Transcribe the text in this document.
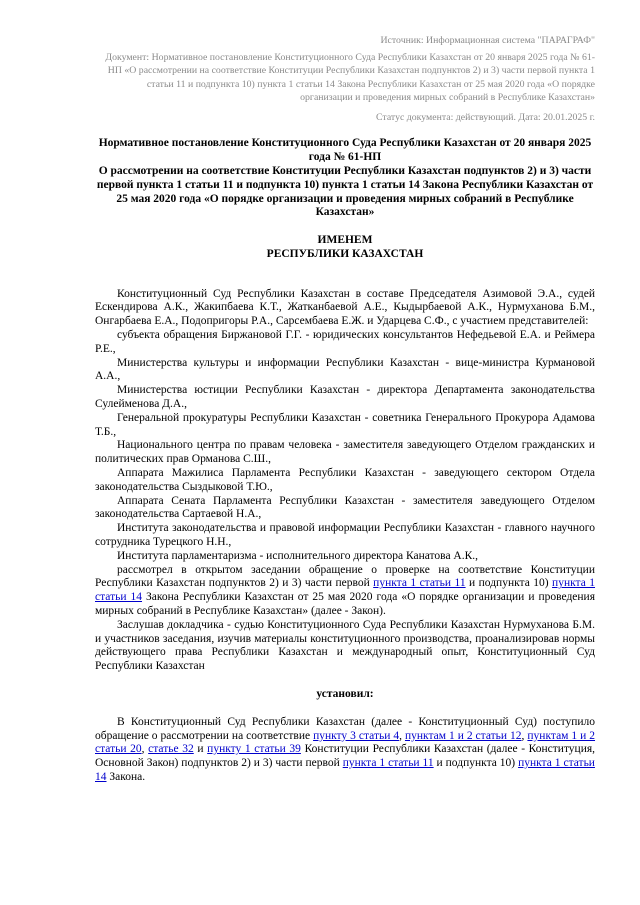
Источник: Информационная система "ПАРАГРАФ"

Документ: Нормативное постановление Конституционного Суда Республики Казахстан от 20 января 2025 года № 61-НП «О рассмотрении на соответствие Конституции Республики Казахстан подпунктов 2) и 3) части первой пункта 1 статьи 11 и подпункта 10) пункта 1 статьи 14 Закона Республики Казахстан от 25 мая 2020 года «О порядке организации и проведения мирных собраний в Республике Казахстан»

Статус документа: действующий. Дата: 20.01.2025 г.

Нормативное постановление Конституционного Суда Республики Казахстан от 20 января 2025 года № 61-НП

О рассмотрении на соответствие Конституции Республики Казахстан подпунктов 2) и 3) части первой пункта 1 статьи 11 и подпункта 10) пункта 1 статьи 14 Закона Республики Казахстан от 25 мая 2020 года «О порядке организации и проведения мирных собраний в Республике Казахстан»

ИМЕНЕМ

РЕСПУБЛИКИ КАЗАХСТАН

Конституционный Суд Республики Казахстан в составе Председателя Азимовой Э.А., судей Ескендирова А.К., Жакипбаева К.Т., Жатканбаевой А.Е., Кыдырбаевой А.К., Нурмуханова Б.М., Онгарбаева Е.А., Подопригоры Р.А., Сарсембаева Е.Ж. и Ударцева С.Ф., с участием представителей:

субъекта обращения Биржановой Г.Г. - юридических консультантов Нефедьевой Е.А. и Реймера Р.Е.,

Министерства культуры и информации Республики Казахстан - вице-министра Курмановой А.А.,

Министерства юстиции Республики Казахстан - директора Департамента законодательства Сулейменова Д.А.,

Генеральной прокуратуры Республики Казахстан - советника Генерального Прокурора Адамова Т.Б.,

Национального центра по правам человека - заместителя заведующего Отделом гражданских и политических прав Орманова С.Ш.,

Аппарата Мажилиса Парламента Республики Казахстан - заведующего сектором Отдела законодательства Сыздыковой Т.Ю.,

Аппарата Сената Парламента Республики Казахстан - заместителя заведующего Отделом законодательства Сартаевой Н.А.,

Института законодательства и правовой информации Республики Казахстан - главного научного сотрудника Турецкого Н.Н.,

Института парламентаризма - исполнительного директора Канатова А.К.,

рассмотрел в открытом заседании обращение о проверке на соответствие Конституции Республики Казахстан подпунктов 2) и 3) части первой пункта 1 статьи 11 и подпункта 10) пункта 1 статьи 14 Закона Республики Казахстан от 25 мая 2020 года «О порядке организации и проведения мирных собраний в Республике Казахстан» (далее - Закон).

Заслушав докладчика - судью Конституционного Суда Республики Казахстан Нурмуханова Б.М. и участников заседания, изучив материалы конституционного производства, проанализировав нормы действующего права Республики Казахстан и международный опыт, Конституционный Суд Республики Казахстан

установил:

В Конституционный Суд Республики Казахстан (далее - Конституционный Суд) поступило обращение о рассмотрении на соответствие пункту 3 статьи 4, пунктам 1 и 2 статьи 12, пунктам 1 и 2 статьи 20, статье 32 и пункту 1 статьи 39 Конституции Республики Казахстан (далее - Конституция, Основной Закон) подпунктов 2) и 3) части первой пункта 1 статьи 11 и подпункта 10) пункта 1 статьи 14 Закона.
